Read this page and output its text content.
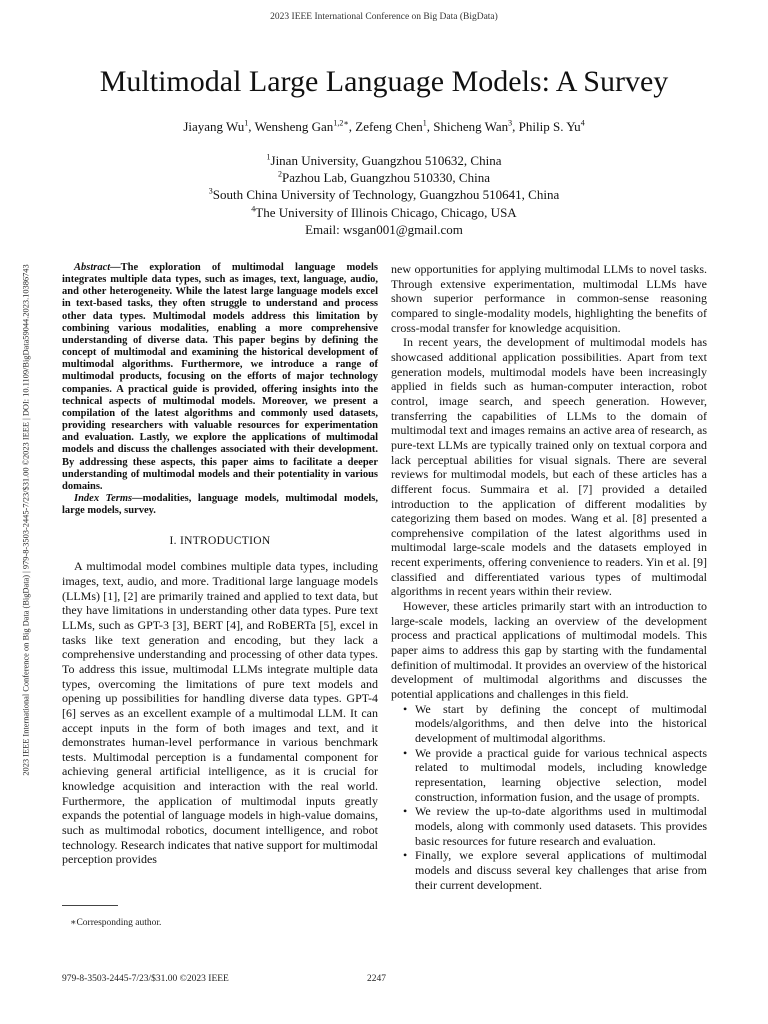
2023 IEEE International Conference on Big Data (BigData)
2023 IEEE International Conference on Big Data (BigData) | 979-8-3503-2445-7/23/$31.00 ©2023 IEEE | DOI: 10.1109/BigData59044.2023.10386743
Multimodal Large Language Models: A Survey
Jiayang Wu$^1$, Wensheng Gan$^{1,2∗}$, Zefeng Chen$^1$, Shicheng Wan$^3$, Philip S. Yu$^4$
$^1$Jinan University, Guangzhou 510632, China
$^2$Pazhou Lab, Guangzhou 510330, China
$^3$South China University of Technology, Guangzhou 510641, China
$^4$The University of Illinois Chicago, Chicago, USA
Email: wsgan001@gmail.com

Abstract—The exploration of multimodal language models integrates multiple data types, such as images, text, language, audio, and other heterogeneity. While the latest large language models excel in text-based tasks, they often struggle to understand and process other data types. Multimodal models address this limitation by combining various modalities, enabling a more comprehensive understanding of diverse data. This paper begins by defining the concept of multimodal and examining the historical development of multimodal algorithms. Furthermore, we introduce a range of multimodal products, focusing on the efforts of major technology companies. A practical guide is provided, offering insights into the technical aspects of multimodal models. Moreover, we present a compilation of the latest algorithms and commonly used datasets, providing researchers with valuable resources for experimentation and evaluation. Lastly, we explore the applications of multimodal models and discuss the challenges associated with their development. By addressing these aspects, this paper aims to facilitate a deeper understanding of multimodal models and their potentiality in various domains.

Index Terms—modalities, language models, multimodal models, large models, survey.

I. INTRODUCTION

A multimodal model combines multiple data types, including images, text, audio, and more. Traditional large language models (LLMs) [1], [2] are primarily trained and applied to text data, but they have limitations in understanding other data types. Pure text LLMs, such as GPT-3 [3], BERT [4], and RoBERTa [5], excel in tasks like text generation and encoding, but they lack a comprehensive understanding and processing of other data types. To address this issue, multimodal LLMs integrate multiple data types, overcoming the limitations of pure text models and opening up possibilities for handling diverse data types. GPT-4 [6] serves as an excellent example of a multimodal LLM. It can accept inputs in the form of both images and text, and it demonstrates human-level performance in various benchmark tests. Multimodal perception is a fundamental component for achieving general artificial intelligence, as it is crucial for knowledge acquisition and interaction with the real world. Furthermore, the application of multimodal inputs greatly expands the potential of language models in high-value domains, such as multimodal robotics, document intelligence, and robot technology. Research indicates that native support for multimodal perception provides

new opportunities for applying multimodal LLMs to novel tasks. Through extensive experimentation, multimodal LLMs have shown superior performance in common-sense reasoning compared to single-modality models, highlighting the benefits of cross-modal transfer for knowledge acquisition.

In recent years, the development of multimodal models has showcased additional application possibilities. Apart from text generation models, multimodal models have been increasingly applied in fields such as human-computer interaction, robot control, image search, and speech generation. However, transferring the capabilities of LLMs to the domain of multimodal text and images remains an active area of research, as pure-text LLMs are typically trained only on textual corpora and lack perceptual abilities for visual signals. There are several reviews for multimodal models, but each of these articles has a different focus. Summaira et al. [7] provided a detailed introduction to the application of different modalities by categorizing them based on modes. Wang et al. [8] presented a comprehensive compilation of the latest algorithms used in multimodal large-scale models and the datasets employed in recent experiments, offering convenience to readers. Yin et al. [9] classified and differentiated various types of multimodal algorithms in recent years within their review.

However, these articles primarily start with an introduction to large-scale models, lacking an overview of the development process and practical applications of multimodal models. This paper aims to address this gap by starting with the fundamental definition of multimodal. It provides an overview of the historical development of multimodal algorithms and discusses the potential applications and challenges in this field.

• We start by defining the concept of multimodal models/algorithms, and then delve into the historical development of multimodal algorithms.
• We provide a practical guide for various technical aspects related to multimodal models, including knowledge representation, learning objective selection, model construction, information fusion, and the usage of prompts.
• We review the up-to-date algorithms used in multimodal models, along with commonly used datasets. This provides basic resources for future research and evaluation.
• Finally, we explore several applications of multimodal models and discuss several key challenges that arise from their current development.
∗Corresponding author.
979-8-3503-2445-7/23/$31.00 ©2023 IEEE	2247
